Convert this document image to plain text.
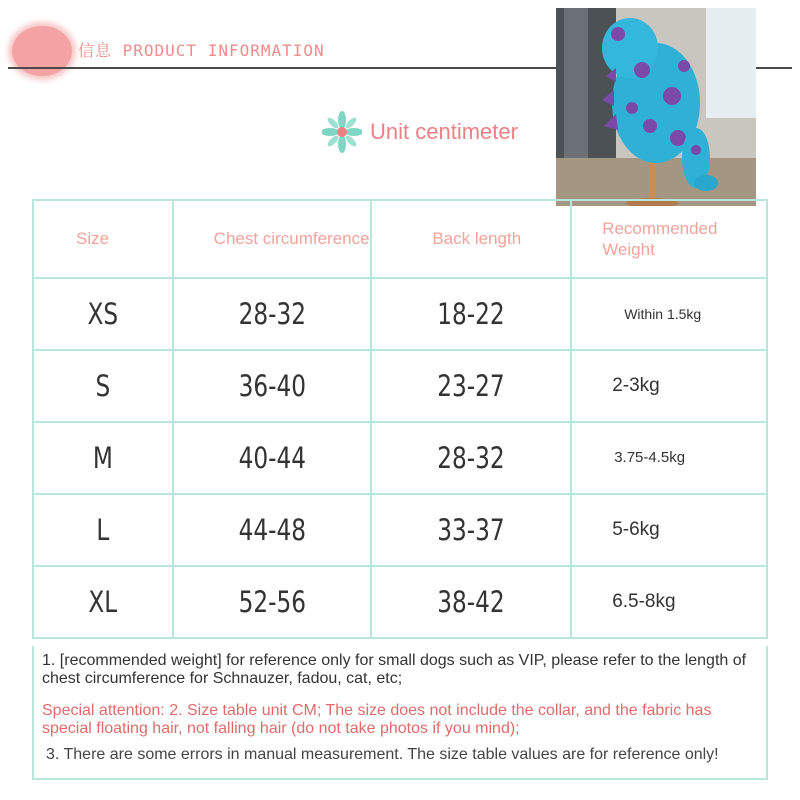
信息 PRODUCT INFORMATION
Unit centimeter
Size	Chest circumference	Back length	Recommended Weight

XS	28-32	18-22	Within 1.5kg

S	36-40	23-27	2-3kg

M	40-44	28-32	3.75-4.5kg

L	44-48	33-37	5-6kg

XL	52-56	38-42	6.5-8kg
1. [recommended weight] for reference only for small dogs such as VIP, please refer to the length of chest circumference for Schnauzer, fadou, cat, etc;
Special attention: 2. Size table unit CM; The size does not include the collar, and the fabric has special floating hair, not falling hair (do not take photos if you mind);
3. There are some errors in manual measurement. The size table values are for reference only!
